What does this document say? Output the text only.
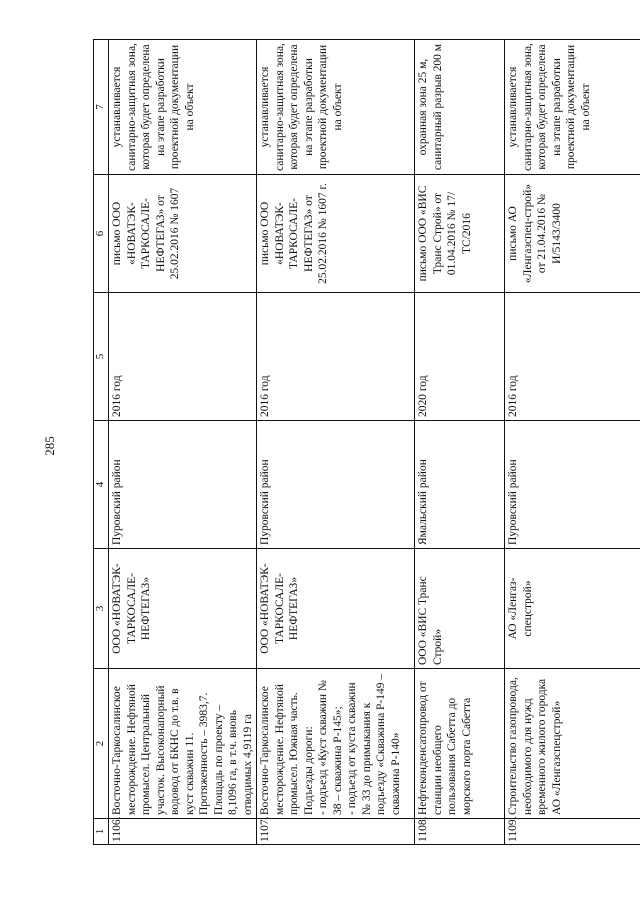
285
1	2	3	4	5	6	7
1106.	Восточно-Таркосалинское месторождение. Нефтяной промысел. Центральный участок. Высоконапорный водовод от БКНС до т.в. в куст скважин 11. Протяженность – 3983,7. Площадь по проекту – 8,1096 га, в т.ч. вновь отводимых 4,9119 га	ООО «НОВАТЭК-ТАРКОСАЛЕ-НЕФТЕГАЗ»	Пуровский район	2016 год	письмо ООО «НОВАТЭК-ТАРКОСАЛЕ-НЕФТЕГАЗ» от 25.02.2016 № 1607	устанавливается санитарно-защитная зона, которая будет определена на этапе разработки проектной документации на объект
1107.	Восточно-Таркосалинское месторождение. Нефтяной промысел. Южная часть. Подъезды дороги: - подъезд «Куст скважин № 38 – скважина Р-145»; - подъезд от куста скважин № 33 до примыкания к подъезду «Скважина Р-149 – скважина Р-140»	ООО «НОВАТЭК-ТАРКОСАЛЕ-НЕФТЕГАЗ»	Пуровский район	2016 год	письмо ООО «НОВАТЭК-ТАРКОСАЛЕ-НЕФТЕГАЗ» от 25.02.2016 № 1607 г.	устанавливается санитарно-защитная зона, которая будет определена на этапе разработки проектной документации на объект
1108.	Нефтеконденсатопровод от станции необщего пользования Сабетта до морского порта Сабетта	ООО «ВИС Транс Строй»	Ямальский район	2020 год	письмо ООО «ВИС Транс Строй» от 01.04.2016 № 17/ТС/2016	охранная зона 25 м, санитарный разрыв 200 м
1109.	Строительство газопровода, необходимого для нужд временного жилого городка АО «Ленгазспецстрой»	АО «Ленгаз-спецстрой»	Пуровский район	2016 год	письмо АО «Ленгазспец-строй» от 21.04.2016 № И/5143/3400	устанавливается санитарно-защитная зона, которая будет определена на этапе разработки проектной документации на объект
